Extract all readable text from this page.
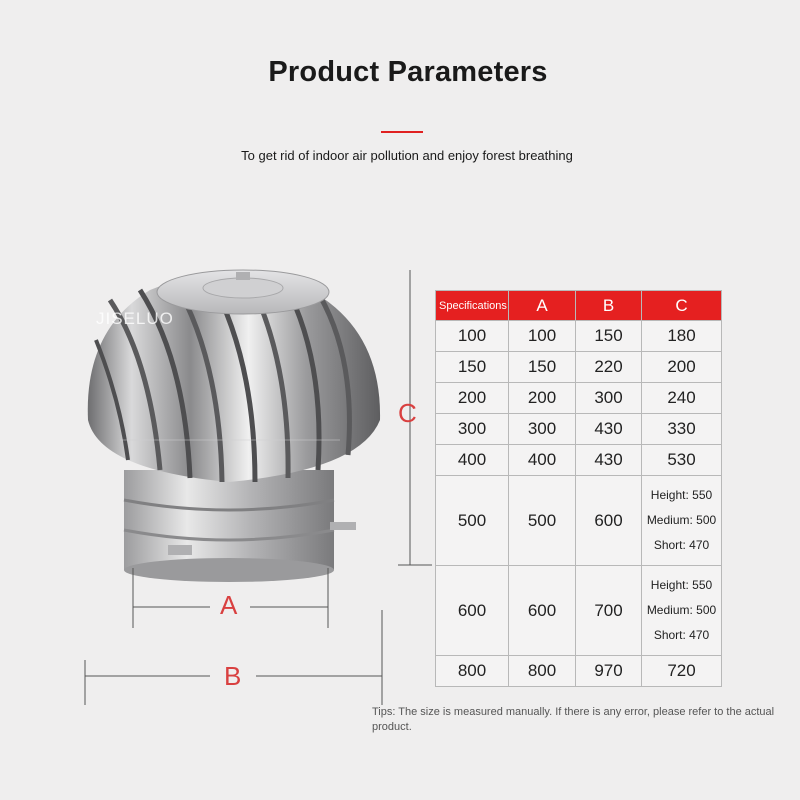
Product Parameters
To get rid of indoor air pollution and enjoy forest breathing
JISELUO
C
A
B
Specifications	A	B	C
100	100	150	180
150	150	220	200
200	200	300	240
300	300	430	330
400	400	430	530
500	500	600	Height: 550
Medium: 500
Short: 470

600	600	700	Height: 550
Medium: 500
Short: 470

800	800	970	720
Tips: The size is measured manually. If there is any error, please refer to the actual product.
